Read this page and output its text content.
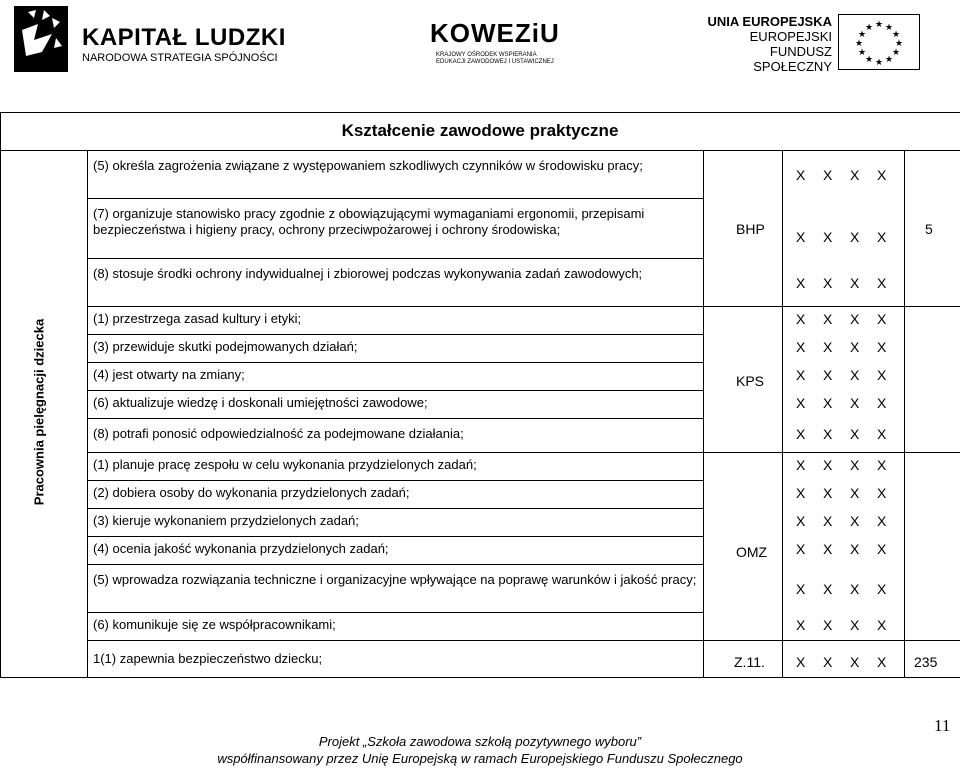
KAPITAŁ LUDZKI
NARODOWA STRATEGIA SPÓJNOŚCI
KOWEZiU
KRAJOWY OŚRODEK WSPIERANIA EDUKACJI ZAWODOWEJ I USTAWICZNEJ
UNIA EUROPEJSKA
EUROPEJSKI
FUNDUSZ SPOŁECZNY
★ ★
★
★
★
★
★
★
★
★
★
★
Kształcenie zawodowe praktyczne
Pracownia pielęgnacji dziecka
(5) określa zagrożenia związane z występowaniem szkodliwych czynników w środowisku pracy;
(7) organizuje stanowisko pracy zgodnie z obowiązującymi wymaganiami ergonomii, przepisami bezpieczeństwa i higieny pracy, ochrony przeciwpożarowej i ochrony środowiska;
(8) stosuje środki ochrony indywidualnej i zbiorowej podczas wykonywania zadań zawodowych;
(1) przestrzega zasad kultury i etyki;
(3) przewiduje skutki podejmowanych działań;
(4) jest otwarty na zmiany;
(6) aktualizuje wiedzę i doskonali umiejętności zawodowe;
(8) potrafi ponosić odpowiedzialność za podejmowane działania;
(1) planuje pracę zespołu w celu wykonania przydzielonych zadań;
(2) dobiera osoby do wykonania przydzielonych zadań;
(3) kieruje wykonaniem przydzielonych zadań;
(4) ocenia jakość wykonania przydzielonych zadań;
(5) wprowadza rozwiązania techniczne i organizacyjne wpływające na poprawę warunków i jakość pracy;
(6) komunikuje się ze współpracownikami;
1(1) zapewnia bezpieczeństwo dziecku;
BHP
KPS
OMZ
Z.11.
5
235
X X X X
X X X X
X X X X
X X X X
X X X X
X X X X
X X X X
X X X X
X X X X
X X X X
X X X X
X X X X
X X X X
X X X X
X X X X
11
Projekt „Szkoła zawodowa szkołą pozytywnego wyboru”
współfinansowany przez Unię Europejską w ramach Europejskiego Funduszu Społecznego
